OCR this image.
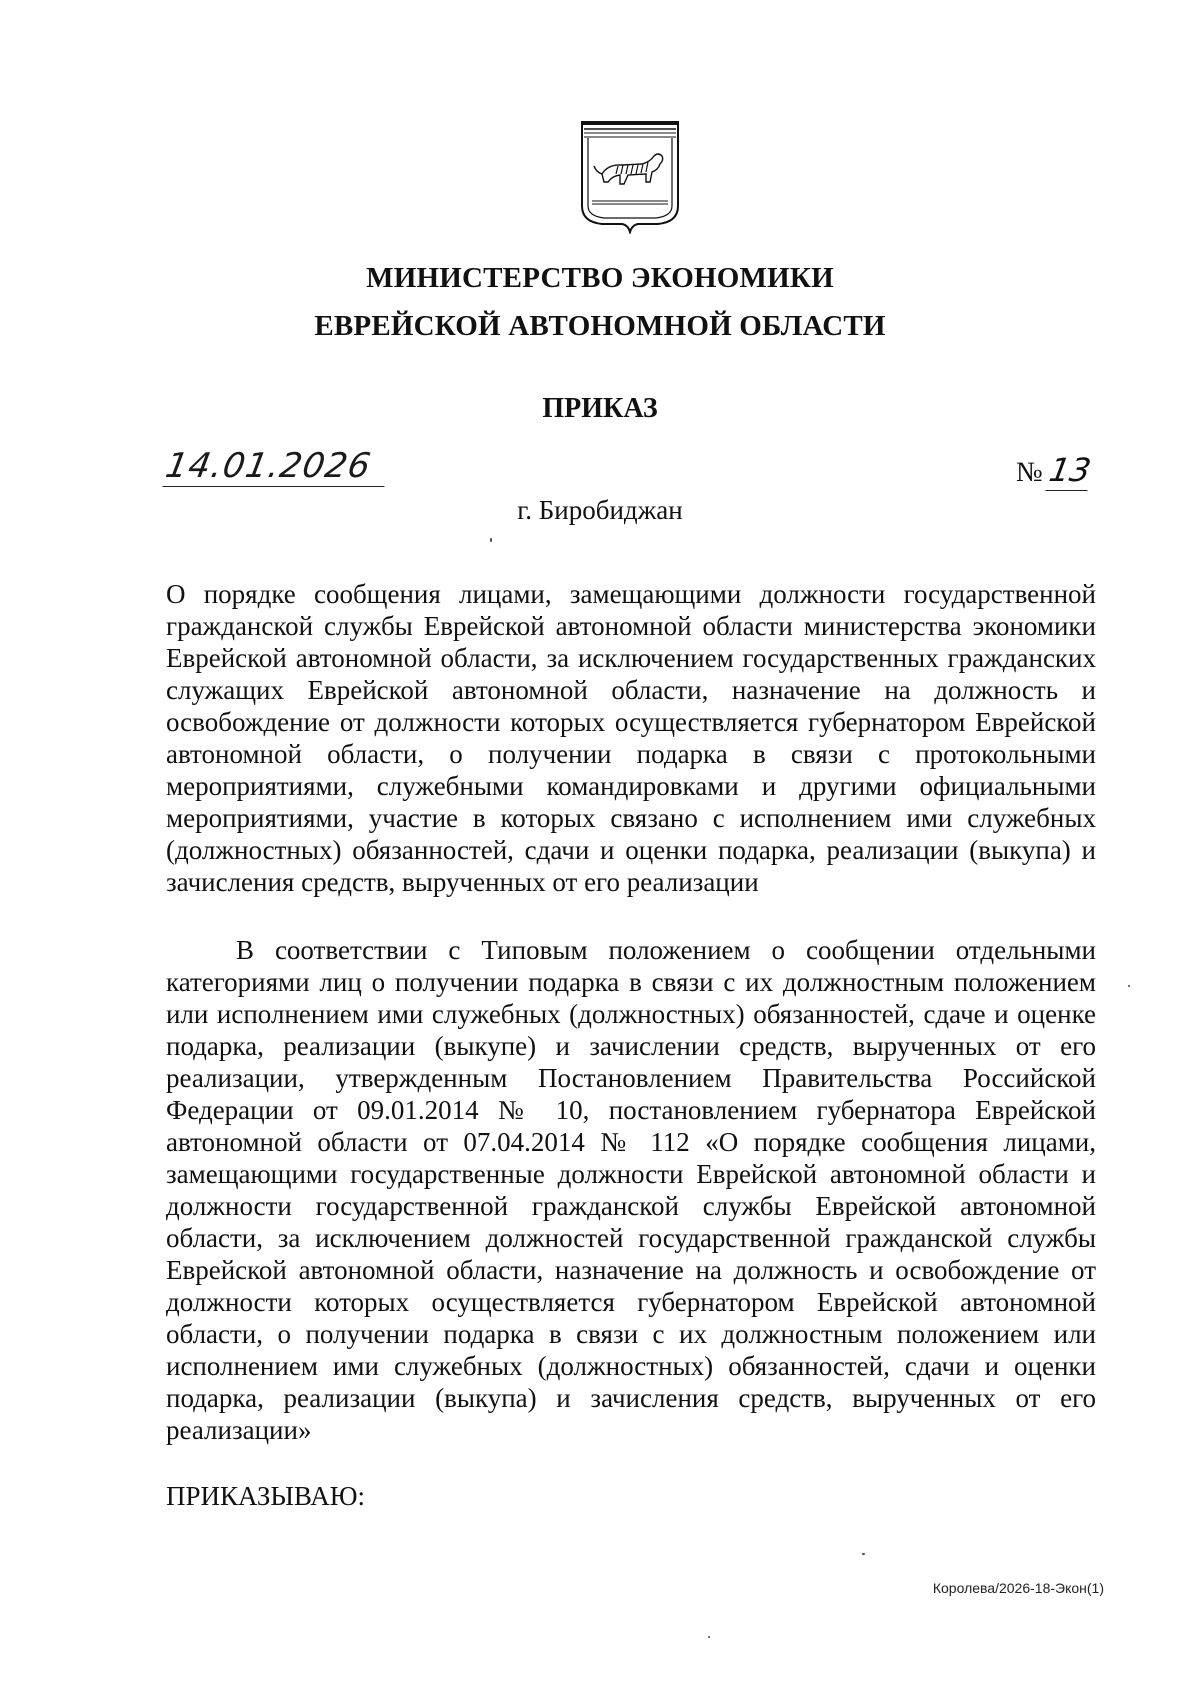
МИНИСТЕРСТВО ЭКОНОМИКИ
ЕВРЕЙСКОЙ АВТОНОМНОЙ ОБЛАСТИ
ПРИКАЗ
14.01.2026	№ 13
г. Биробиджан
О порядке сообщения лицами, замещающими должности государственной гражданской службы Еврейской автономной области министерства экономики Еврейской автономной области, за исключением государственных гражданских служащих Еврейской автономной области, назначение на должность и освобождение от должности которых осуществляется губернатором Еврейской автономной области, о получении подарка в связи с протокольными мероприятиями, служебными командировками и другими официальными мероприятиями, участие в которых связано с исполнением ими служебных (должностных) обязанностей, сдачи и оценки подарка, реализации (выкупа) и зачисления средств, вырученных от его реализации
В соответствии с Типовым положением о сообщении отдельными категориями лиц о получении подарка в связи с их должностным положением или исполнением ими служебных (должностных) обязанностей, сдаче и оценке подарка, реализации (выкупе) и зачислении средств, вырученных от его реализации, утвержденным Постановлением Правительства Российской Федерации от 09.01.2014 № 10, постановлением губернатора Еврейской автономной области от 07.04.2014 № 112 «О порядке сообщения лицами, замещающими государственные должности Еврейской автономной области и должности государственной гражданской службы Еврейской автономной области, за исключением должностей государственной гражданской службы Еврейской автономной области, назначение на должность и освобождение от должности которых осуществляется губернатором Еврейской автономной области, о получении подарка в связи с их должностным положением или исполнением ими служебных (должностных) обязанностей, сдачи и оценки подарка, реализации (выкупа) и зачисления средств, вырученных от его реализации»
ПРИКАЗЫВАЮ:
Королева/2026-18-Экон(1)
